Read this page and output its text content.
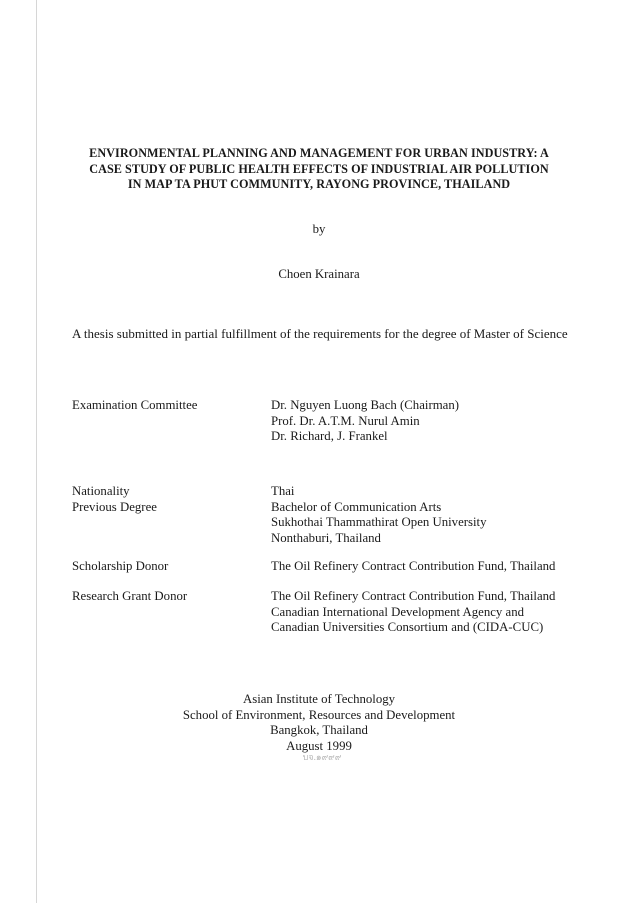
ENVIRONMENTAL PLANNING AND MANAGEMENT FOR URBAN INDUSTRY: A
CASE STUDY OF PUBLIC HEALTH EFFECTS OF INDUSTRIAL AIR POLLUTION
IN MAP TA PHUT COMMUNITY, RAYONG PROVINCE, THAILAND
by
Choen Krainara
A thesis submitted in partial fulfillment of the requirements for the degree of Master of Science
Examination Committee	Dr. Nguyen Luong Bach (Chairman)
Prof. Dr. A.T.M. Nurul Amin
Dr. Richard, J. Frankel
Nationality	Thai
Previous Degree	Bachelor of Communication Arts
Sukhothai Thammathirat Open University
Nonthaburi, Thailand
Scholarship Donor	The Oil Refinery Contract Contribution Fund, Thailand
Research Grant Donor	The Oil Refinery Contract Contribution Fund, Thailand
Canadian International Development Agency and
Canadian Universities Consortium and (CIDA-CUC)
Asian Institute of Technology
School of Environment, Resources and Development
Bangkok, Thailand
August 1999
บจ.๑๙๙๙
